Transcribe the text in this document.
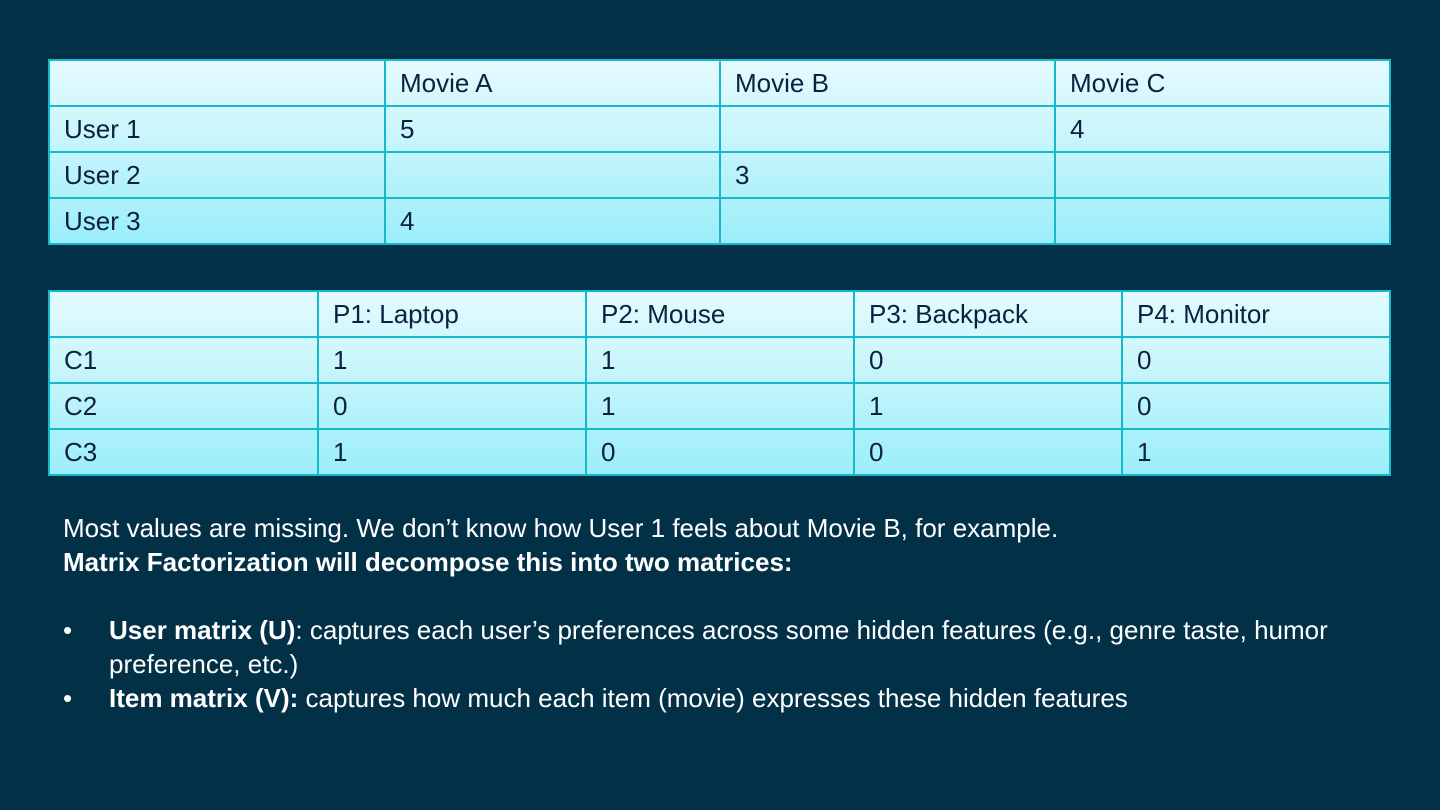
	Movie A	Movie B	Movie C
User 1	5		4
User 2		3	
User 3	4		
	P1: Laptop	P2: Mouse	P3: Backpack	P4: Monitor
C1	1	1	0	0
C2	0	1	1	0
C3	1	0	0	1

Most values are missing. We don’t know how User 1 feels about Movie B, for example.

Matrix Factorization will decompose this into two matrices:

• User matrix (U): captures each user’s preferences across some hidden features (e.g., genre taste, humor preference, etc.)
• Item matrix (V): captures how much each item (movie) expresses these hidden features
